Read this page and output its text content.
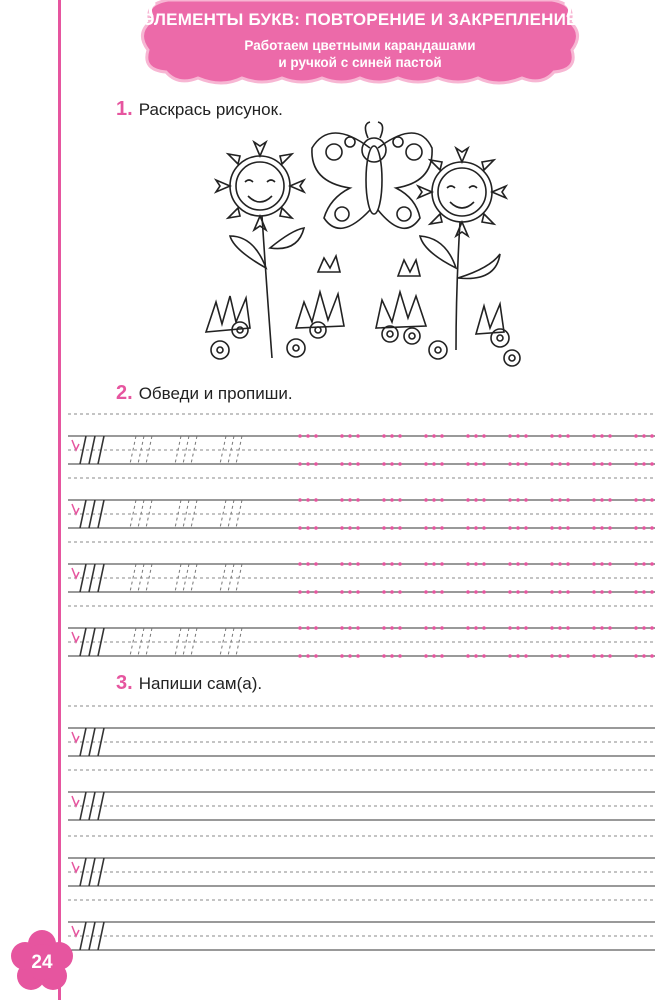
ЭЛЕМЕНТЫ БУКВ: ПОВТОРЕНИЕ И ЗАКРЕПЛЕНИЕ
Работаем цветными карандашами
и ручкой с синей пастой
1. Раскрась рисунок.
2. Обведи и пропиши.
3. Напиши сам(а).
24
